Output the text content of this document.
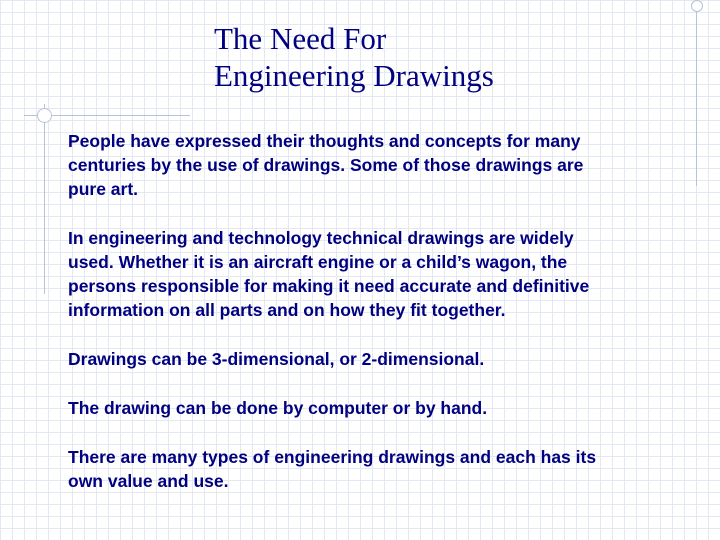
The Need For
Engineering Drawings

People have expressed their thoughts and concepts for many
centuries by the use of drawings. Some of those drawings are
pure art.

In engineering and technology technical drawings are widely
used. Whether it is an aircraft engine or a child’s wagon, the
persons responsible for making it need accurate and definitive
information on all parts and on how they fit together.

Drawings can be 3-dimensional, or 2-dimensional.

The drawing can be done by computer or by hand.

There are many types of engineering drawings and each has its
own value and use.
